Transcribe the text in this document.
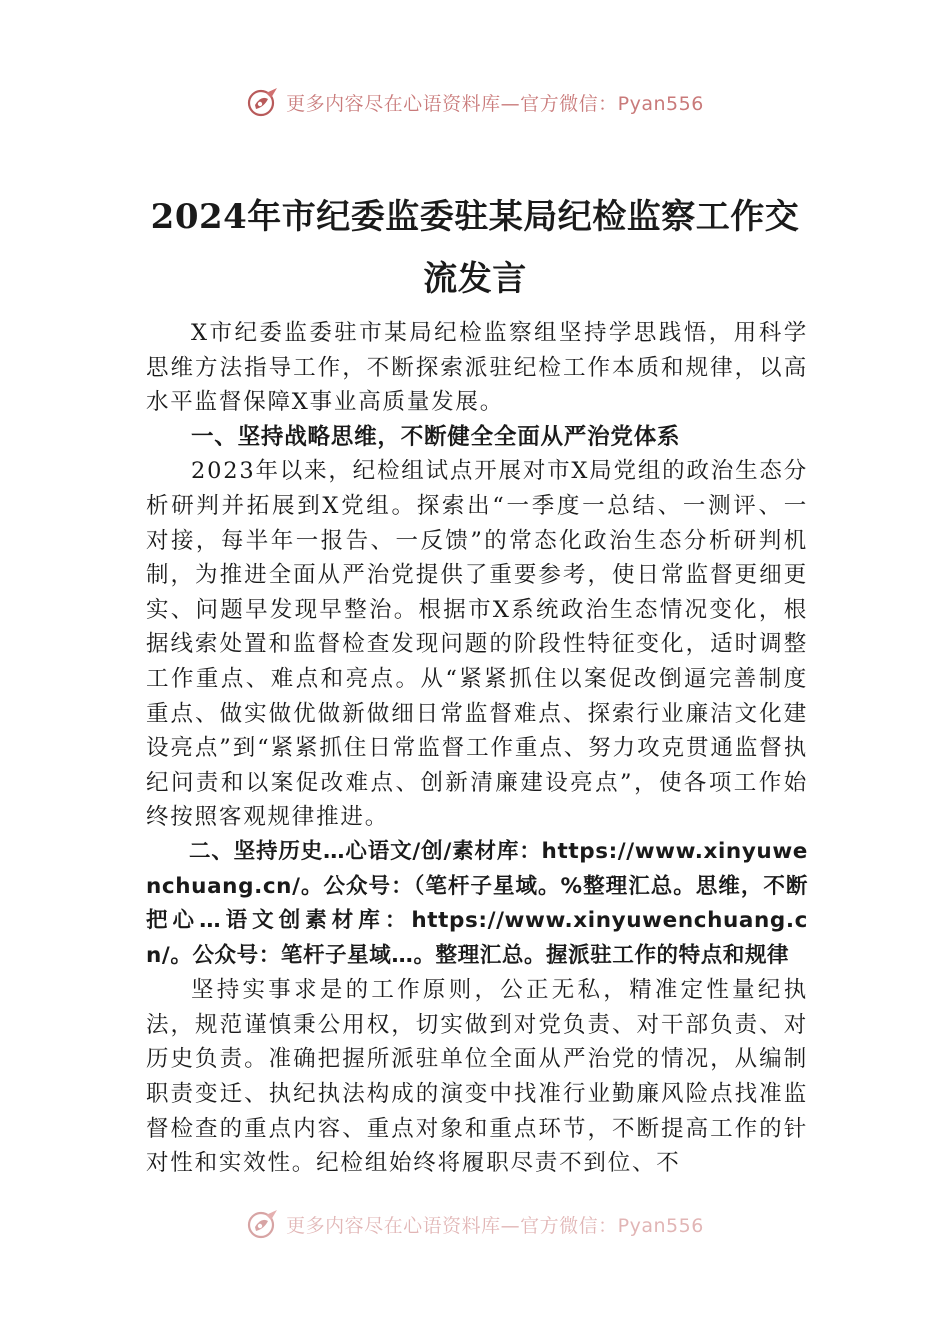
更多内容尽在心语资料库—官方微信：Pyan556
2024年市纪委监委驻某局纪检监察工作交流发言

X市纪委监委驻市某局纪检监察组坚持学思践悟，用科学思维方法指导工作，不断探索派驻纪检工作本质和规律，以高水平监督保障X事业高质量发展。

一、坚持战略思维，不断健全全面从严治党体系

2023年以来，纪检组试点开展对市X局党组的政治生态分析研判并拓展到X党组。探索出“一季度一总结、一测评、一对接，每半年一报告、一反馈”的常态化政治生态分析研判机制，为推进全面从严治党提供了重要参考，使日常监督更细更实、问题早发现早整治。根据市X系统政治生态情况变化，根据线索处置和监督检查发现问题的阶段性特征变化，适时调整工作重点、难点和亮点。从“紧紧抓住以案促改倒逼完善制度重点、做实做优做新做细日常监督难点、探索行业廉洁文化建设亮点”到“紧紧抓住日常监督工作重点、努力攻克贯通监督执纪问责和以案促改难点、创新清廉建设亮点”，使各项工作始终按照客观规律推进。

二、坚持历史…心语文/创/素材库：https://www.xinyuwenchuang.cn/。公众号：（笔杆子星域。%整理汇总。思维，不断把心…语文创素材库：https://www.xinyuwenchuang.cn/。公众号：笔杆子星域…。整理汇总。握派驻工作的特点和规律

坚持实事求是的工作原则，公正无私，精准定性量纪执法，规范谨慎秉公用权，切实做到对党负责、对干部负责、对历史负责。准确把握所派驻单位全面从严治党的情况，从编制职责变迁、执纪执法构成的演变中找准行业勤廉风险点找准监督检查的重点内容、重点对象和重点环节，不断提高工作的针对性和实效性。纪检组始终将履职尽责不到位、不

更多内容尽在心语资料库—官方微信：Pyan556
